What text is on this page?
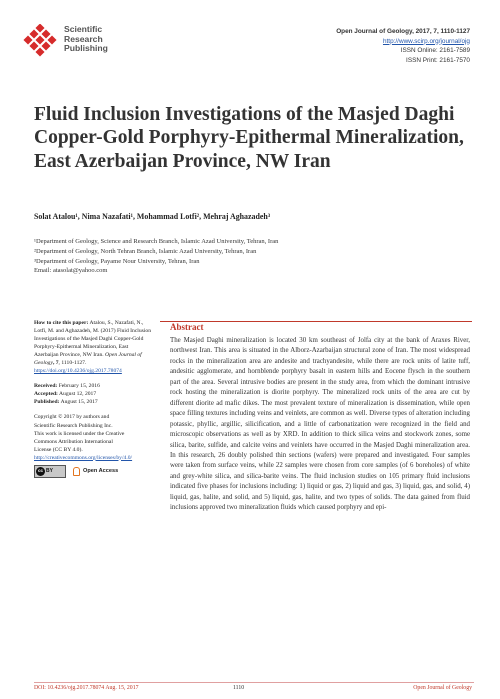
Scientific
Research
Publishing
Open Journal of Geology, 2017, 7, 1110-1127
http://www.scirp.org/journal/ojg
ISSN Online: 2161-7589
ISSN Print: 2161-7570
Fluid Inclusion Investigations of the Masjed Daghi Copper-Gold Porphyry-Epithermal Mineralization, East Azerbaijan Province, NW Iran
Solat Atalou¹, Nima Nazafati¹, Mohammad Lotfi², Mehraj Aghazadeh³
¹Department of Geology, Science and Research Branch, Islamic Azad University, Tehran, Iran
²Department of Geology, North Tehran Branch, Islamic Azad University, Tehran, Iran
³Department of Geology, Payame Nour University, Tehran, Iran
Email: atasolat@yahoo.com

How to cite this paper: Atalou, S., Nazafati, N., Lotfi, M. and Aghazadeh, M. (2017) Fluid Inclusion Investigations of the Masjed Daghi Copper-Gold Porphyry-Epithermal Mineralization, East Azerbaijan Province, NW Iran. Open Journal of Geology, 7, 1110-1127.

https://doi.org/10.4236/ojg.2017.78074

Received: February 15, 2016

Accepted: August 12, 2017

Published: August 15, 2017

Copyright © 2017 by authors and

Scientific Research Publishing Inc.

This work is licensed under the Creative

Commons Attribution International

License (CC BY 4.0).

http://creativecommons.org/licenses/by/4.0/

cc BY	Open Access
Abstract
The Masjed Daghi mineralization is located 30 km southeast of Jolfa city at the bank of Araxes River, northwest Iran. This area is situated in the Alborz-Azarbaijan structural zone of Iran. The most widespread rocks in the mineralization area are andesite and trachyandesite, while there are rock units of latite tuff, andesitic agglomerate, and hornblende porphyry basalt in eastern hills and Eocene flysch in the southern part of the area. Several intrusive bodies are present in the study area, from which the dominant intrusive rock hosting the mineralization is diorite porphyry. The mineralized rock units of the area are cut by different diorite ad mafic dikes. The most prevalent texture of mineralization is dissemination, while open space filling textures including veins and veinlets, are common as well. Diverse types of alteration including potassic, phyllic, argillic, silicification, and a little of carbonatization were recognized in the field and microscopic observations as well as by XRD. In addition to thick silica veins and stockwork zones, some silica, barite, sulfide, and calcite veins and veinlets have occurred in the Masjed Daghi mineralization area. In this research, 26 doubly polished thin sections (wafers) were prepared and investigated. Four samples were taken from surface veins, while 22 samples were chosen from core samples (of 6 boreholes) of white and grey-white silica, and silica-barite veins. The fluid inclusion studies on 105 primary fluid inclusions indicated five phases for inclusions including: 1) liquid or gas, 2) liquid and gas, 3) liquid, gas, and solid, 4) liquid, gas, halite, and solid, and 5) liquid, gas, halite, and two types of solids. The data gained from fluid inclusions approved two mineralization fluids which caused porphyry and epi-
DOI: 10.4236/ojg.2017.78074 Aug. 15, 2017	1110	Open Journal of Geology
